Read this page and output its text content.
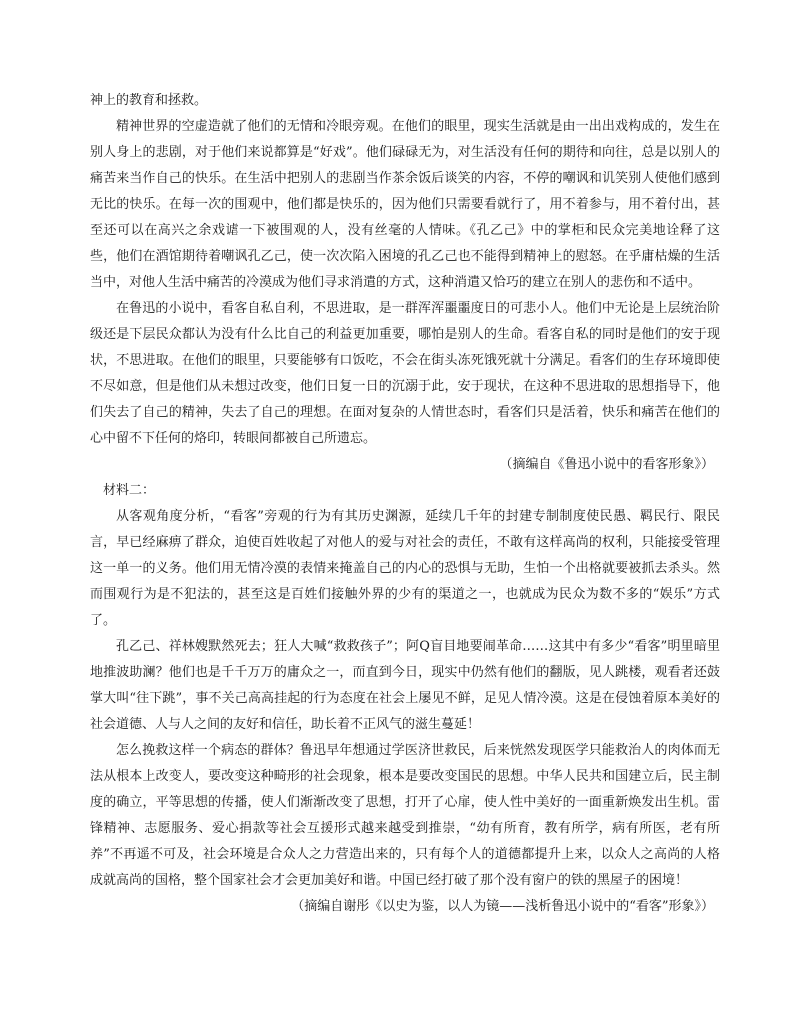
神上的教育和拯救。

精神世界的空虚造就了他们的无情和冷眼旁观。在他们的眼里，现实生活就是由一出出戏构成的，发生在别人身上的悲剧，对于他们来说都算是“好戏”。他们碌碌无为，对生活没有任何的期待和向往，总是以别人的痛苦来当作自己的快乐。在生活中把别人的悲剧当作茶余饭后谈笑的内容，不停的嘲讽和讥笑别人使他们感到无比的快乐。在每一次的围观中，他们都是快乐的，因为他们只需要看就行了，用不着参与，用不着付出，甚至还可以在高兴之余戏谑一下被围观的人，没有丝毫的人情味。《孔乙己》中的掌柜和民众完美地诠释了这些，他们在酒馆期待着嘲讽孔乙己，使一次次陷入困境的孔乙己也不能得到精神上的慰怒。在乎庸枯燥的生活当中，对他人生活中痛苦的冷漠成为他们寻求消遣的方式，这种消遣又恰巧的建立在别人的悲伤和不适中。

在鲁迅的小说中，看客自私自利，不思进取，是一群浑浑噩噩度日的可悲小人。他们中无论是上层统治阶级还是下层民众都认为没有什么比自己的利益更加重要，哪怕是别人的生命。看客自私的同时是他们的安于现状，不思进取。在他们的眼里，只要能够有口饭吃，不会在街头冻死饿死就十分满足。看客们的生存环境即使不尽如意，但是他们从未想过改变，他们日复一日的沉溺于此，安于现状，在这种不思进取的思想指导下，他们失去了自己的精神，失去了自己的理想。在面对复杂的人情世态时，看客们只是活着，快乐和痛苦在他们的心中留不下任何的烙印，转眼间都被自己所遗忘。

（摘编自《鲁迅小说中的看客形象》）

材料二：

从客观角度分析，“看客”旁观的行为有其历史渊源，延续几千年的封建专制制度使民愚、羁民行、限民言，早已经麻痹了群众，迫使百姓收起了对他人的爱与对社会的责任，不敢有这样高尚的权利，只能接受管理这一单一的义务。他们用无情冷漠的表情来掩盖自己的内心的恐惧与无助，生怕一个出格就要被抓去杀头。然而围观行为是不犯法的，甚至这是百姓们接触外界的少有的渠道之一，也就成为民众为数不多的“娱乐”方式了。

孔乙己、祥林嫂默然死去；狂人大喊“救救孩子”；阿Q盲目地要闹革命……这其中有多少“看客”明里暗里地推波助澜？他们也是千千万万的庸众之一，而直到今日，现实中仍然有他们的翻版，见人跳楼，观看者还鼓掌大叫“往下跳”，事不关己高高挂起的行为态度在社会上屡见不鲜，足见人情冷漠。这是在侵蚀着原本美好的社会道德、人与人之间的友好和信任，助长着不正风气的滋生蔓延！

怎么挽救这样一个病态的群体？鲁迅早年想通过学医济世救民，后来恍然发现医学只能救治人的肉体而无法从根本上改变人，要改变这种畸形的社会现象，根本是要改变国民的思想。中华人民共和国建立后，民主制度的确立，平等思想的传播，使人们渐渐改变了思想，打开了心扉，使人性中美好的一面重新焕发出生机。雷锋精神、志愿服务、爱心捐款等社会互援形式越来越受到推崇，“幼有所育，教有所学，病有所医，老有所养”不再遥不可及，社会环境是合众人之力营造出来的，只有每个人的道德都提升上来，以众人之高尚的人格成就高尚的国格，整个国家社会才会更加美好和谐。中国已经打破了那个没有窗户的铁的黑屋子的困境！

（摘编自谢彤《以史为鉴，以人为镜——浅析鲁迅小说中的“看客”形象》）
